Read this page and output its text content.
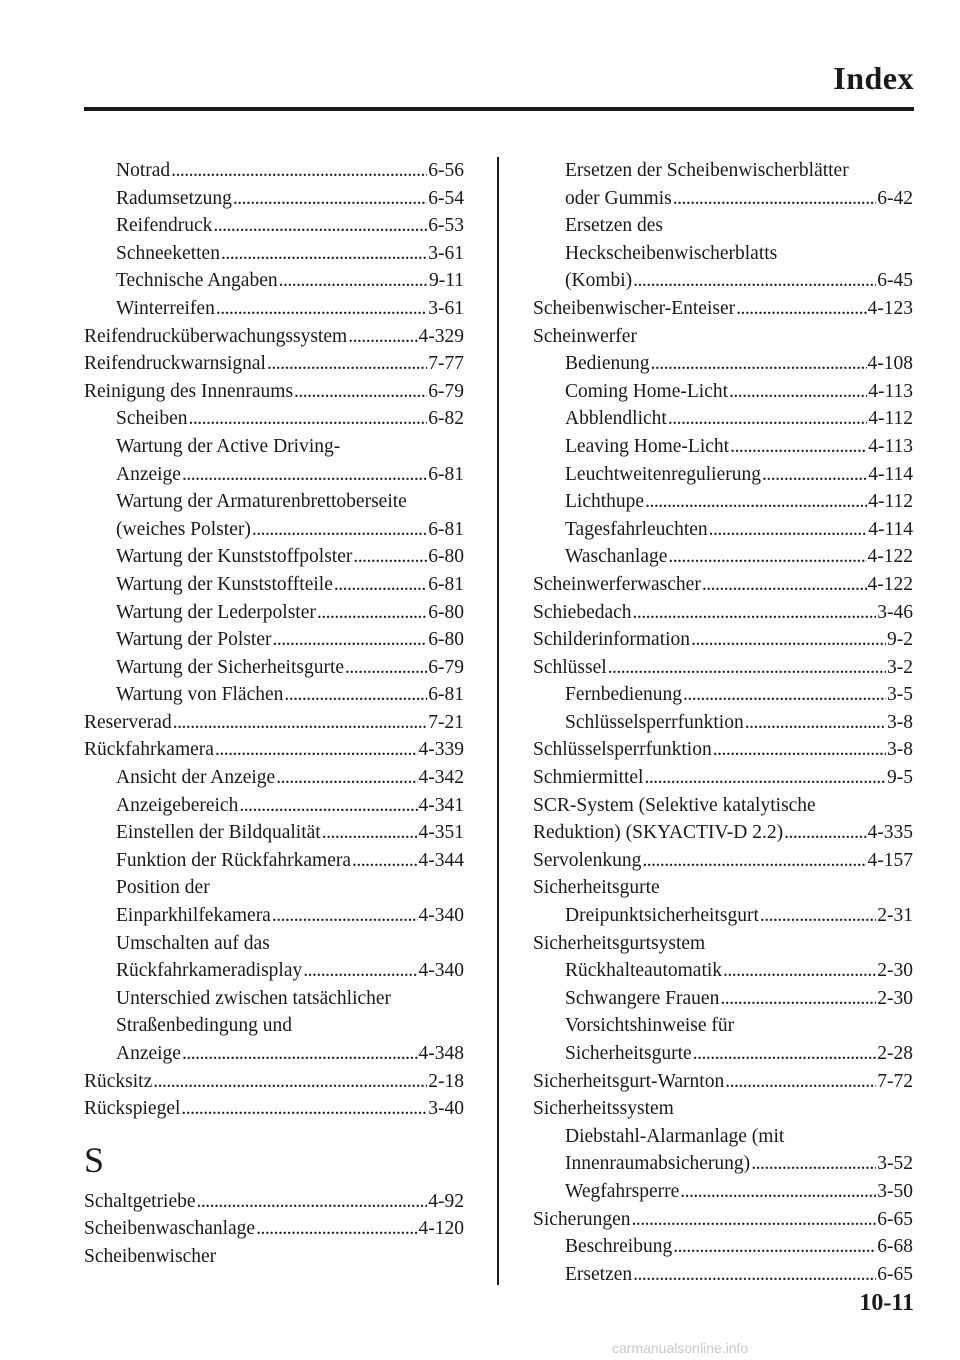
Index
Notrad .....	6-56
Radumsetzung .....	6-54
Reifendruck .....	6-53
Schneeketten .....	3-61
Technische Angaben .....	9-11
Winterreifen .....	3-61
Reifendrucküberwachungssystem .....	4-329
Reifendruckwarnsignal .....	7-77
Reinigung des Innenraums .....	6-79
Scheiben .....	6-82
Wartung der Active Driving-
Anzeige .....	6-81
Wartung der Armaturenbrettoberseite
(weiches Polster) .....	6-81
Wartung der Kunststoffpolster .....	6-80
Wartung der Kunststoffteile .....	6-81
Wartung der Lederpolster .....	6-80
Wartung der Polster .....	6-80
Wartung der Sicherheitsgurte .....	6-79
Wartung von Flächen .....	6-81
Reserverad .....	7-21
Rückfahrkamera .....	4-339
Ansicht der Anzeige .....	4-342
Anzeigebereich .....	4-341
Einstellen der Bildqualität .....	4-351
Funktion der Rückfahrkamera .....	4-344
Position der
Einparkhilfekamera .....	4-340
Umschalten auf das
Rückfahrkameradisplay .....	4-340
Unterschied zwischen tatsächlicher
Straßenbedingung und
Anzeige .....	4-348
Rücksitz .....	2-18
Rückspiegel .....	3-40
S
Schaltgetriebe .....	4-92
Scheibenwaschanlage .....	4-120
Scheibenwischer
Ersetzen der Scheibenwischerblätter
oder Gummis .....	6-42
Ersetzen des
Heckscheibenwischerblatts
(Kombi) .....	6-45
Scheibenwischer-Enteiser .....	4-123
Scheinwerfer
Bedienung .....	4-108
Coming Home-Licht .....	4-113
Abblendlicht .....	4-112
Leaving Home-Licht .....	4-113
Leuchtweitenregulierung .....	4-114
Lichthupe .....	4-112
Tagesfahrleuchten .....	4-114
Waschanlage .....	4-122
Scheinwerferwascher .....	4-122
Schiebedach .....	3-46
Schilderinformation .....	9-2
Schlüssel .....	3-2
Fernbedienung .....	3-5
Schlüsselsperrfunktion .....	3-8
Schlüsselsperrfunktion .....	3-8
Schmiermittel .....	9-5
SCR-System (Selektive katalytische
Reduktion) (SKYACTIV-D 2.2) .....	4-335
Servolenkung .....	4-157
Sicherheitsgurte
Dreipunktsicherheitsgurt .....	2-31
Sicherheitsgurtsystem
Rückhalteautomatik .....	2-30
Schwangere Frauen .....	2-30
Vorsichtshinweise für
Sicherheitsgurte .....	2-28
Sicherheitsgurt-Warnton .....	7-72
Sicherheitssystem
Diebstahl-Alarmanlage (mit
Innenraumabsicherung) .....	3-52
Wegfahrsperre .....	3-50
Sicherungen .....	6-65
Beschreibung .....	6-68
Ersetzen .....	6-65
10-11
carmanualsonline.info
